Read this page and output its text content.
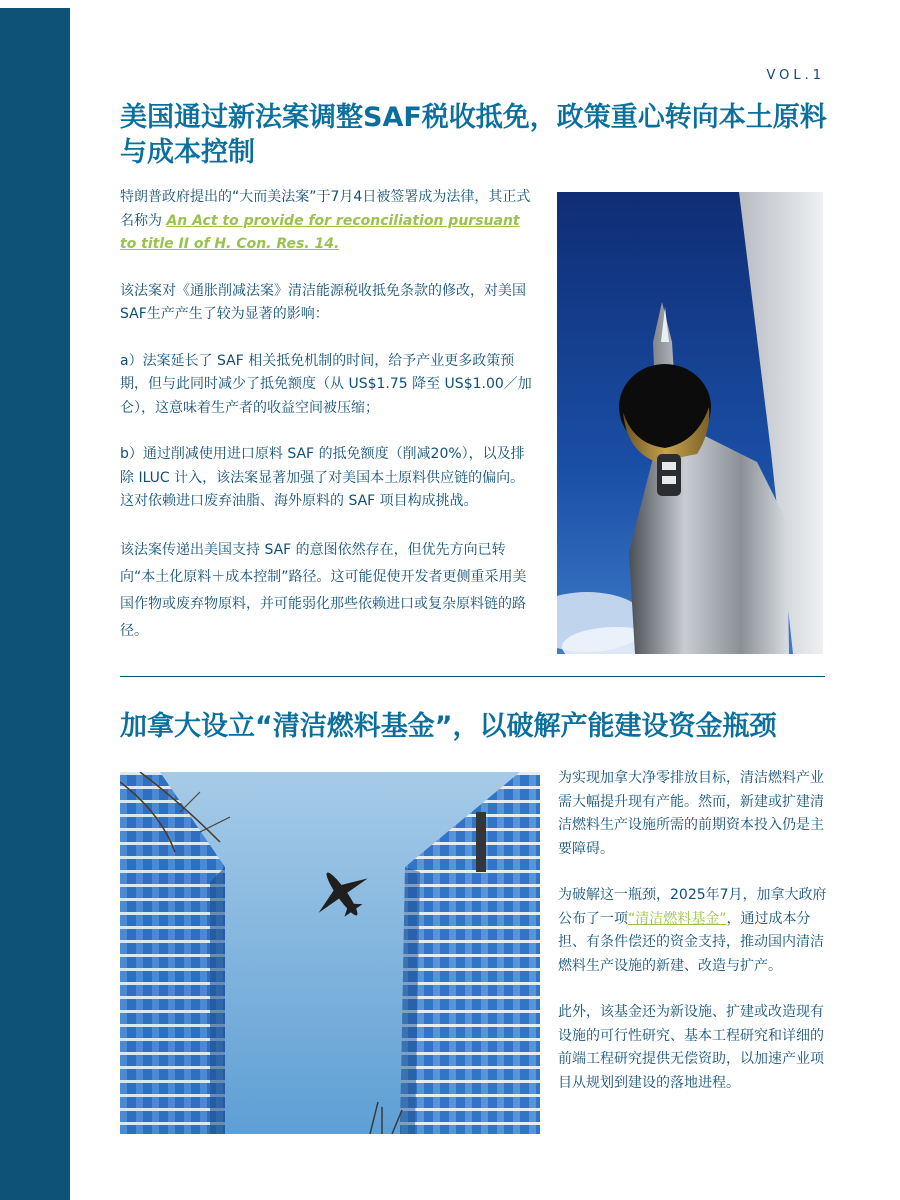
VOL.1
美国通过新法案调整SAF税收抵免，政策重心转向本土原料与成本控制

特朗普政府提出的“大而美法案”于7月4日被签署成为法律，其正式名称为 An Act to provide for reconciliation pursuant to title II of H. Con. Res. 14.

该法案对《通胀削减法案》清洁能源税收抵免条款的修改，对美国SAF生产产生了较为显著的影响：

a）法案延长了 SAF 相关抵免机制的时间，给予产业更多政策预期，但与此同时减少了抵免额度（从 US$1.75 降至 US$1.00／加仑），这意味着生产者的收益空间被压缩；

b）通过削减使用进口原料 SAF 的抵免额度（削减20%），以及排除 ILUC 计入，该法案显著加强了对美国本土原料供应链的偏向。这对依赖进口废弃油脂、海外原料的 SAF 项目构成挑战。

该法案传递出美国支持 SAF 的意图依然存在，但优先方向已转向“本土化原料＋成本控制”路径。这可能促使开发者更侧重采用美国作物或废弃物原料，并可能弱化那些依赖进口或复杂原料链的路径。

加拿大设立“清洁燃料基金”，以破解产能建设资金瓶颈

为实现加拿大净零排放目标，清洁燃料产业需大幅提升现有产能。然而，新建或扩建清洁燃料生产设施所需的前期资本投入仍是主要障碍。

为破解这一瓶颈，2025年7月，加拿大政府公布了一项“清洁燃料基金”，通过成本分担、有条件偿还的资金支持，推动国内清洁燃料生产设施的新建、改造与扩产。

此外，该基金还为新设施、扩建或改造现有设施的可行性研究、基本工程研究和详细的前端工程研究提供无偿资助，以加速产业项目从规划到建设的落地进程。
